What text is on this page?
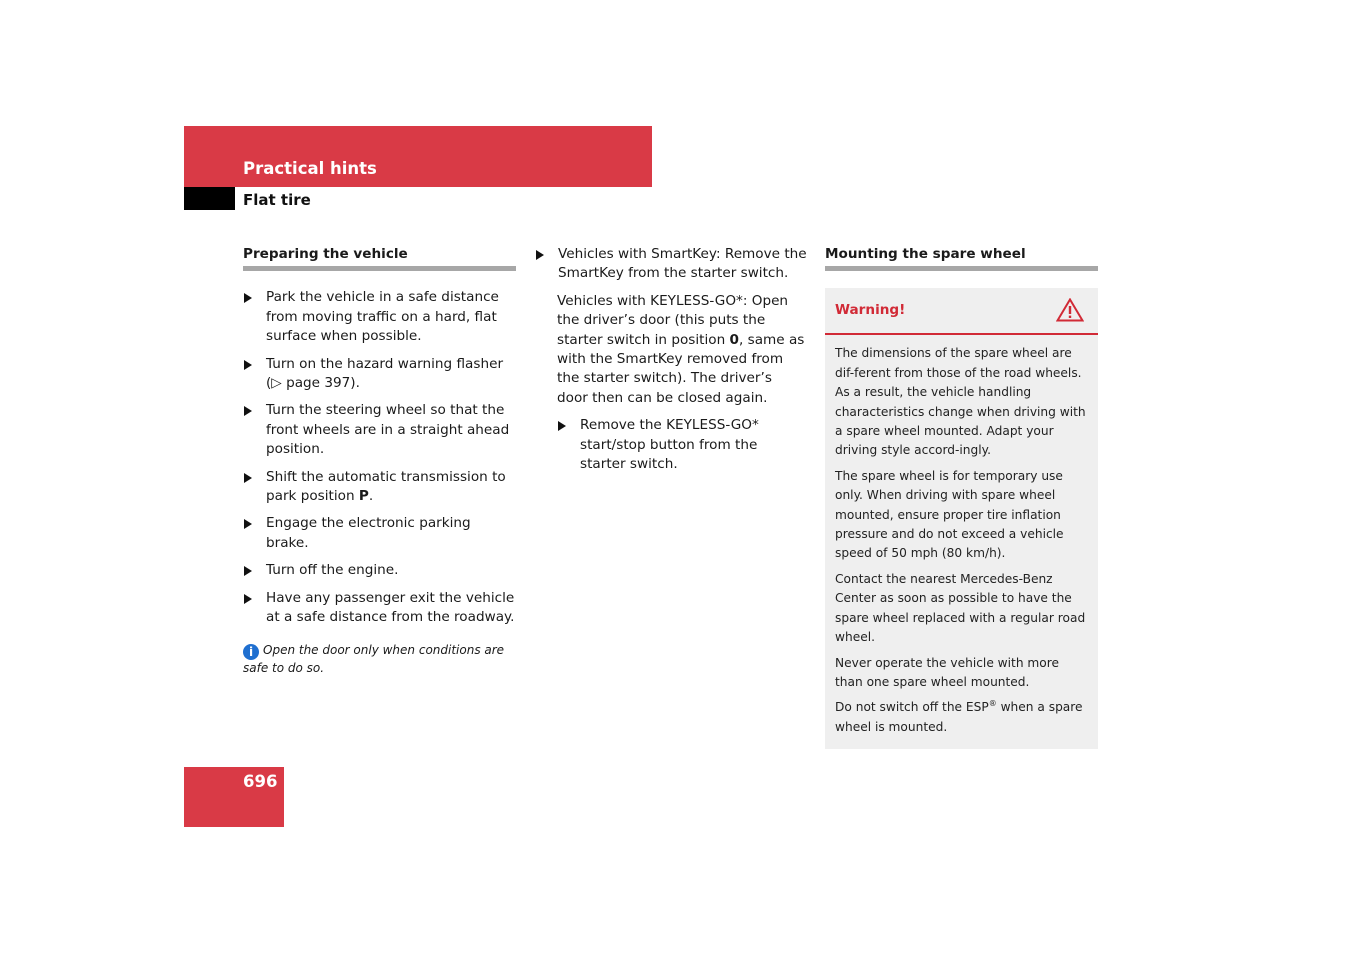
Practical hints
Flat tire
Preparing the vehicle
Park the vehicle in a safe distance from moving traffic on a hard, flat surface when possible.
Turn on the hazard warning flasher (▷ page 397).
Turn the steering wheel so that the front wheels are in a straight ahead position.
Shift the automatic transmission to park position P.
Engage the electronic parking brake.
Turn off the engine.
Have any passenger exit the vehicle at a safe distance from the roadway.
i Open the door only when conditions are safe to do so.
Vehicles with SmartKey: Remove the SmartKey from the starter switch.
Vehicles with KEYLESS-GO*: Open the driver’s door (this puts the starter switch in position 0, same as with the SmartKey removed from the starter switch). The driver’s door then can be closed again.
Remove the KEYLESS-GO* start/stop button from the starter switch.
Mounting the spare wheel
Warning!
The dimensions of the spare wheel are dif-ferent from those of the road wheels. As a result, the vehicle handling characteristics change when driving with a spare wheel mounted. Adapt your driving style accord-ingly.
The spare wheel is for temporary use only. When driving with spare wheel mounted, ensure proper tire inflation pressure and do not exceed a vehicle speed of 50 mph (80 km/h).
Contact the nearest Mercedes-Benz Center as soon as possible to have the spare wheel replaced with a regular road wheel.
Never operate the vehicle with more than one spare wheel mounted.
Do not switch off the ESP® when a spare wheel is mounted.
696
